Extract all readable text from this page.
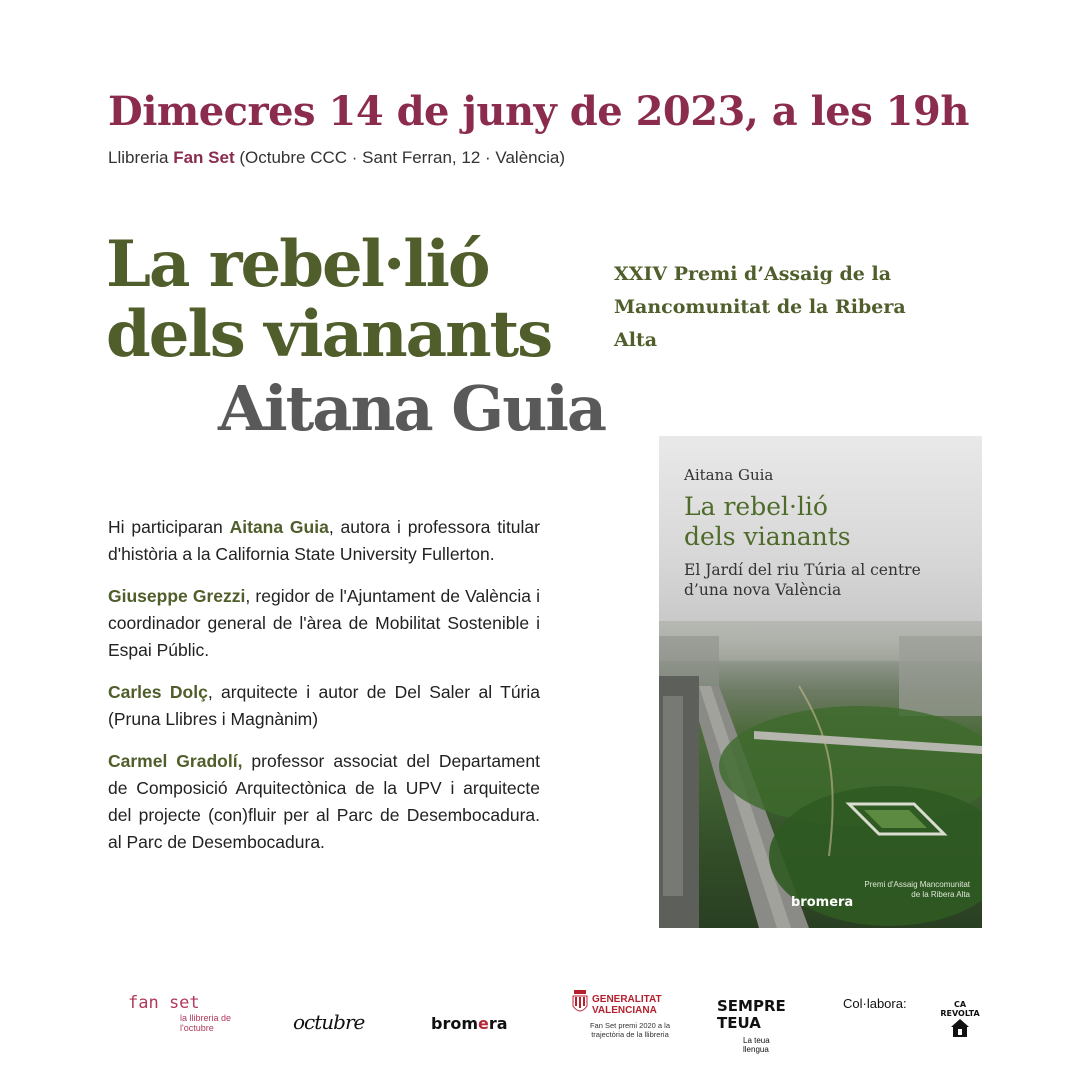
Dimecres 14 de juny de 2023, a les 19h
Llibreria Fan Set (Octubre CCC · Sant Ferran, 12 · València)
La rebel·lió
dels vianants
Aitana Guia
XXIV Premi d’Assaig de la Mancomunitat de la Ribera Alta

Hi participaran Aitana Guia, autora i professora titular d'història a la California State University Fullerton.

Giuseppe Grezzi, regidor de l'Ajuntament de València i coordinador general de l'àrea de Mobilitat Sostenible i Espai Públic.

Carles Dolç, arquitecte i autor de Del Saler al Túria (Pruna Llibres i Magnànim)

Carmel Gradolí, professor associat del Departament de Composició Arquitectònica de la UPV i arquitecte del projecte (con)fluir per al Parc de Desembocadura. al Parc de Desembocadura.

Aitana Guia
La rebel·lió
dels vianants
El Jardí del riu Túria al centre
d’una nova València
Premi d'Assaig Mancomunitat de la Ribera Alta
bromera
fan set
la llibreria de l'octubre	octubre	bromera
GENERALITAT
VALENCIANA
Fan Set premi 2020 a la trajectòria de la llibreria
SEMPRE
TEUA
La teua llengua
Col·labora:	CA
REVOLTA
